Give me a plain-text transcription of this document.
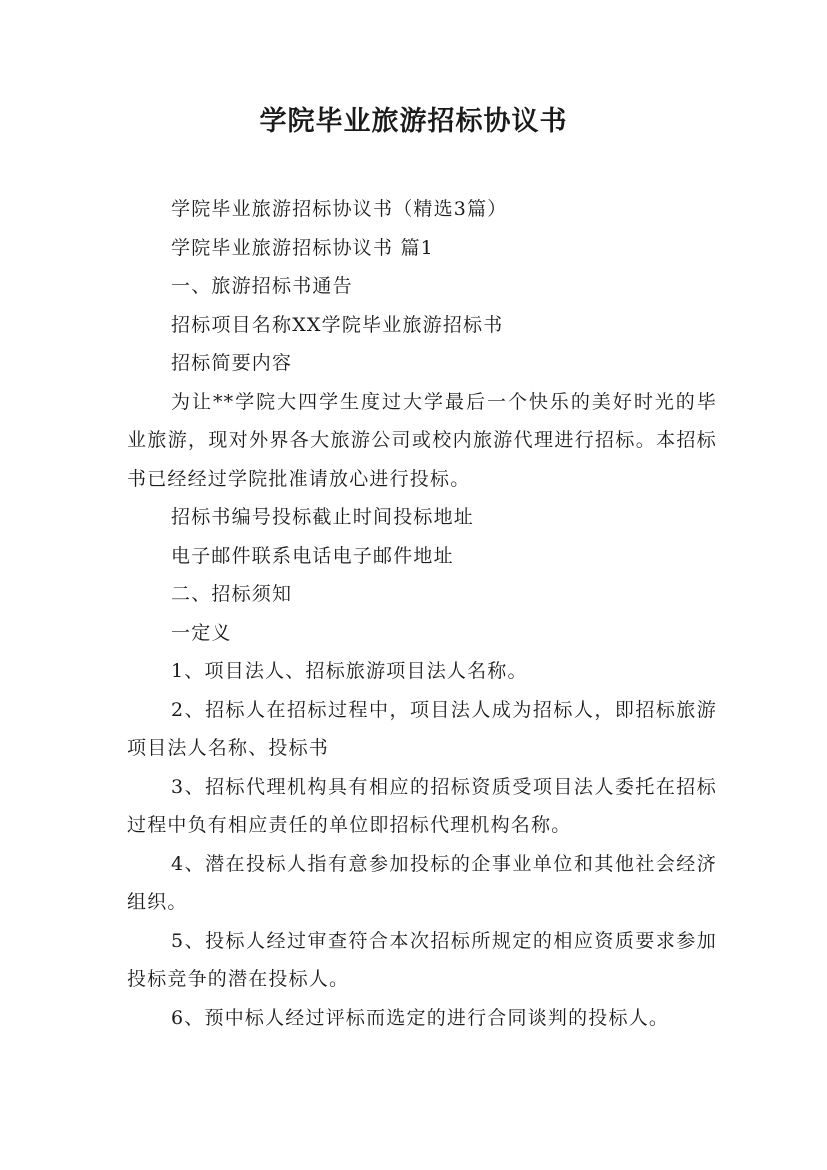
学院毕业旅游招标协议书

学院毕业旅游招标协议书（精选3篇）

学院毕业旅游招标协议书 篇1

一、旅游招标书通告

招标项目名称XX学院毕业旅游招标书

招标简要内容

为让**学院大四学生度过大学最后一个快乐的美好时光的毕业旅游，现对外界各大旅游公司或校内旅游代理进行招标。本招标书已经经过学院批准请放心进行投标。

招标书编号投标截止时间投标地址

电子邮件联系电话电子邮件地址

二、招标须知

一定义

1、项目法人、招标旅游项目法人名称。

2、招标人在招标过程中，项目法人成为招标人，即招标旅游项目法人名称、投标书

3、招标代理机构具有相应的招标资质受项目法人委托在招标过程中负有相应责任的单位即招标代理机构名称。

4、潜在投标人指有意参加投标的企事业单位和其他社会经济组织。

5、投标人经过审查符合本次招标所规定的相应资质要求参加投标竞争的潜在投标人。

6、预中标人经过评标而选定的进行合同谈判的投标人。
